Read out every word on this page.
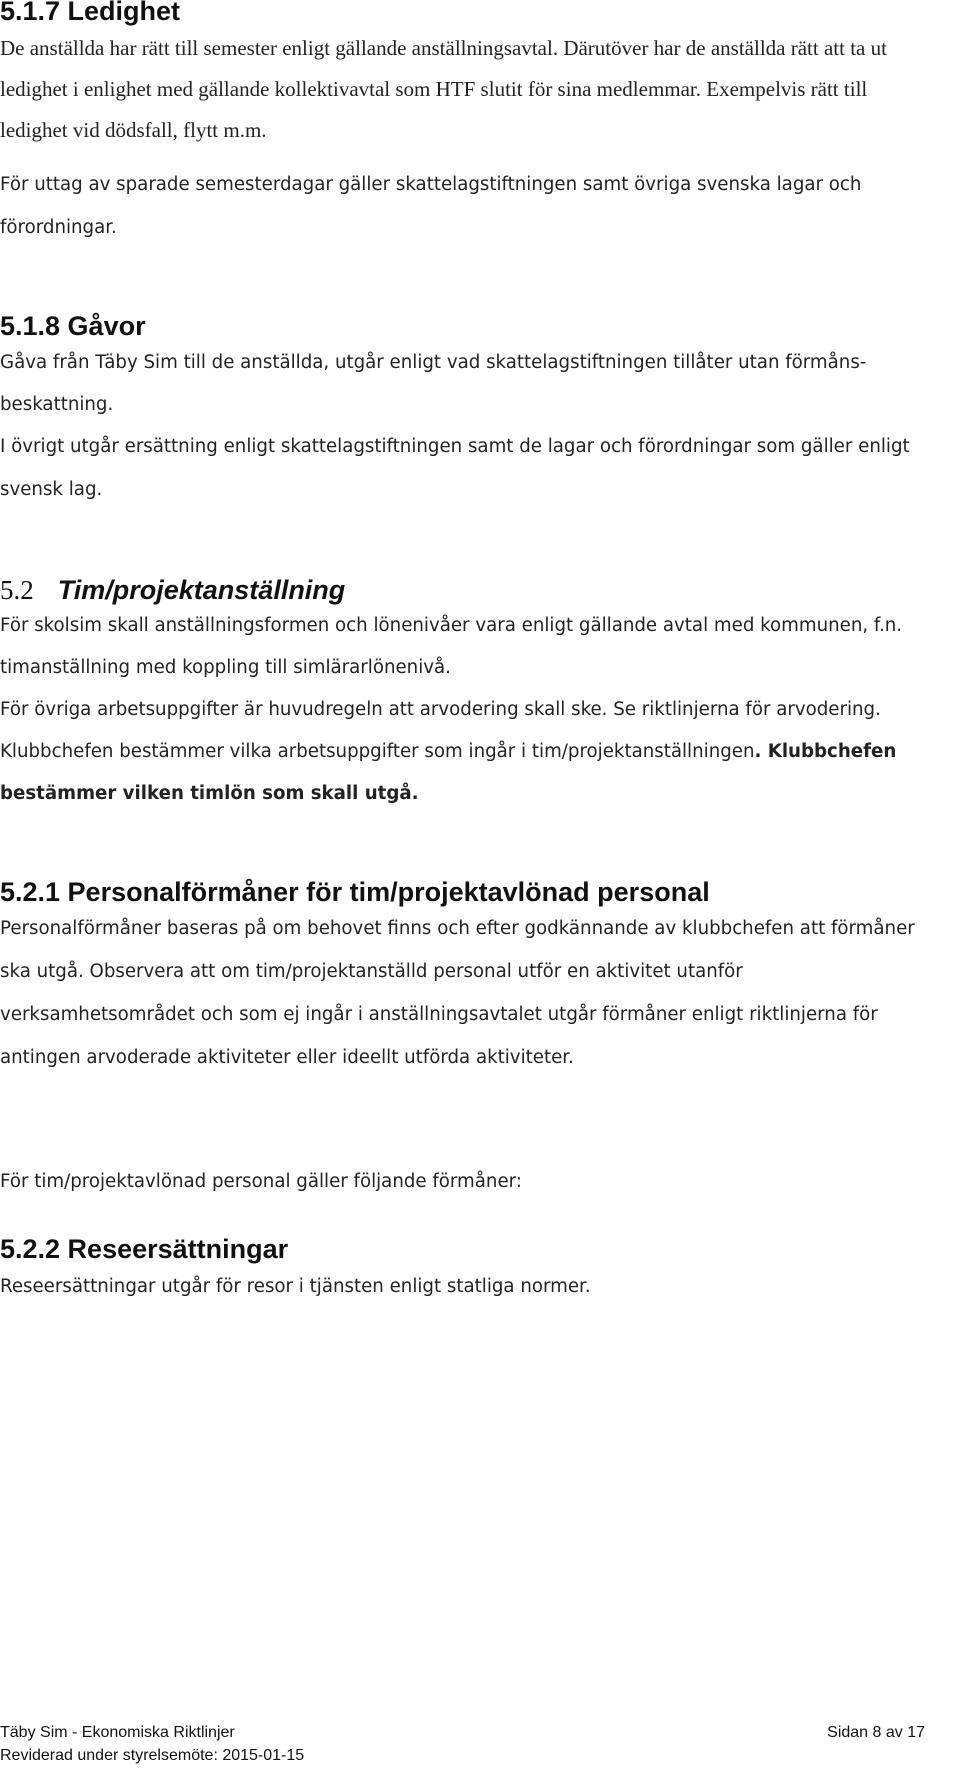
5.1.7 Ledighet

De anställda har rätt till semester enligt gällande anställningsavtal. Därutöver har de anställda rätt att ta ut ledighet i enlighet med gällande kollektivavtal som HTF slutit för sina medlemmar. Exempelvis rätt till ledighet vid dödsfall, flytt m.m.

För uttag av sparade semesterdagar gäller skattelagstiftningen samt övriga svenska lagar och förordningar.

5.1.8 Gåvor

Gåva från Täby Sim till de anställda, utgår enligt vad skattelagstiftningen tillåter utan förmåns-beskattning.

I övrigt utgår ersättning enligt skattelagstiftningen samt de lagar och förordningar som gäller enligt svensk lag.

5.2 Tim/projektanställning

För skolsim skall anställningsformen och lönenivåer vara enligt gällande avtal med kommunen, f.n. timanställning med koppling till simlärarlönenivå.

För övriga arbetsuppgifter är huvudregeln att arvodering skall ske. Se riktlinjerna för arvodering. Klubbchefen bestämmer vilka arbetsuppgifter som ingår i tim/projektanställningen. Klubbchefen bestämmer vilken timlön som skall utgå.

5.2.1 Personalförmåner för tim/projektavlönad personal

Personalförmåner baseras på om behovet finns och efter godkännande av klubbchefen att förmåner ska utgå. Observera att om tim/projektanställd personal utför en aktivitet utanför verksamhetsområdet och som ej ingår i anställningsavtalet utgår förmåner enligt riktlinjerna för antingen arvoderade aktiviteter eller ideellt utförda aktiviteter.

För tim/projektavlönad personal gäller följande förmåner:

5.2.2 Reseersättningar

Reseersättningar utgår för resor i tjänsten enligt statliga normer.

Täby Sim - Ekonomiska Riktlinjer	Sidan 8 av 17
Reviderad under styrelsemöte: 2015-01-15
